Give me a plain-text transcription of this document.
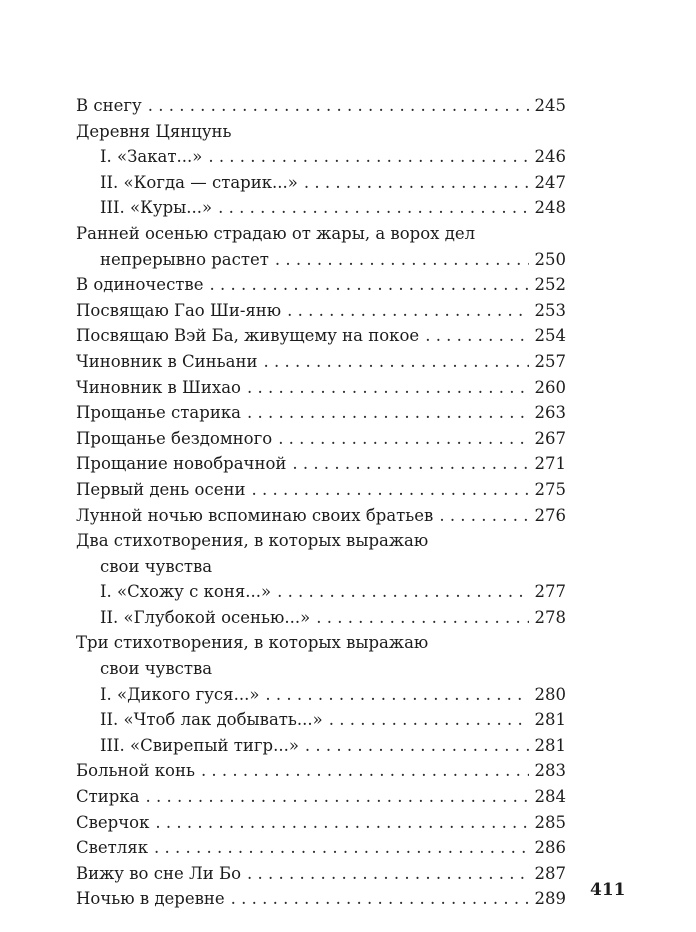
В снегу . . .	245
Деревня Цянцунь
I. «Закат...» . . .	246
II. «Когда — старик...» . . .	247
III. «Куры...» . . .	248
Ранней осенью страдаю от жары, а ворох дел
непрерывно растет . . .	250
В одиночестве . . .	252
Посвящаю Гао Ши-яню . . .	253
Посвящаю Вэй Ба, живущему на покое . . .	254
Чиновник в Синьани . . .	257
Чиновник в Шихао . . .	260
Прощанье старика . . .	263
Прощанье бездомного . . .	267
Прощание новобрачной . . .	271
Первый день осени . . .	275
Лунной ночью вспоминаю своих братьев . . .	276
Два стихотворения, в которых выражаю
свои чувства
I. «Схожу с коня...» . . .	277
II. «Глубокой осенью...» . . .	278
Три стихотворения, в которых выражаю
свои чувства
I. «Дикого гуся...» . . .	280
II. «Чтоб лак добывать...» . . .	281
III. «Свирепый тигр...» . . .	281
Больной конь . . .	283
Стирка . . .	284
Сверчок . . .	285
Светляк . . .	286
Вижу во сне Ли Бо . . .	287
Ночью в деревне . . .	289 411
